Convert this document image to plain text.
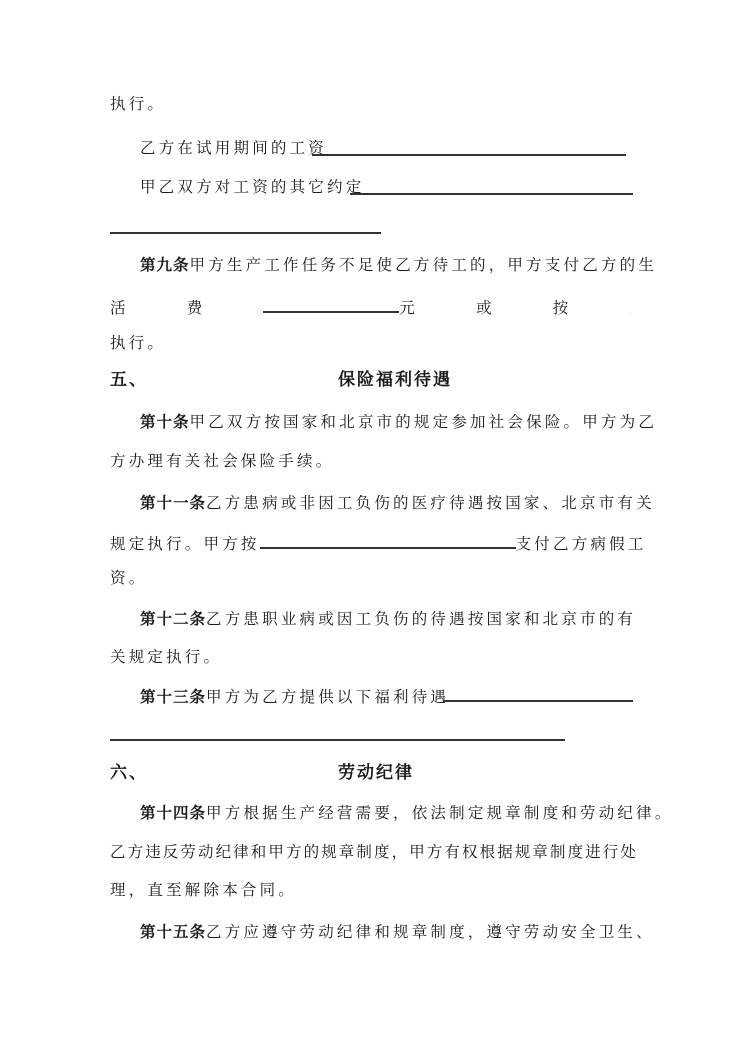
执行。
乙方在试用期间的工资
甲乙双方对工资的其它约定
第九条甲方生产工作任务不足使乙方待工的，甲方支付乙方的生
活	费	元	或	按	.
执行。
五、	保险福利待遇
第十条甲乙双方按国家和北京市的规定参加社会保险。甲方为乙
方办理有关社会保险手续。
第十一条乙方患病或非因工负伤的医疗待遇按国家、北京市有关
规定执行。甲方按	支付乙方病假工
资。
第十二条乙方患职业病或因工负伤的待遇按国家和北京市的有
关规定执行。
第十三条甲方为乙方提供以下福利待遇
六、	劳动纪律
第十四条甲方根据生产经营需要，依法制定规章制度和劳动纪律。
乙方违反劳动纪律和甲方的规章制度，甲方有权根据规章制度进行处
理，直至解除本合同。
第十五条乙方应遵守劳动纪律和规章制度，遵守劳动安全卫生、
